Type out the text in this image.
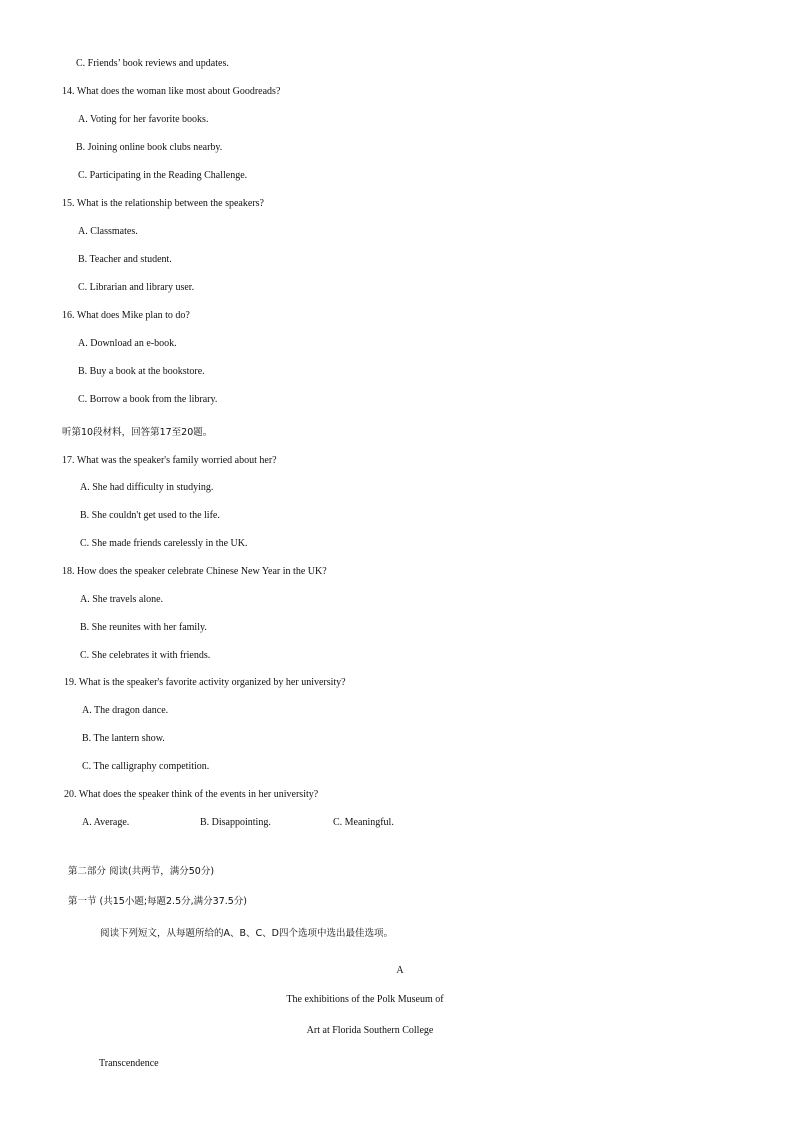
C. Friends’ book reviews and updates.
14. What does the woman like most about Goodreads?
A. Voting for her favorite books.
B. Joining online book clubs nearby.
C. Participating in the Reading Challenge.
15. What is the relationship between the speakers?
A. Classmates.
B. Teacher and student.
C. Librarian and library user.
16. What does Mike plan to do?
A. Download an e-book.
B. Buy a book at the bookstore.
C. Borrow a book from the library.
听第10段材料，回答第17至20题。
17. What was the speaker's family worried about her?
A. She had difficulty in studying.
B. She couldn't get used to the life.
C. She made friends carelessly in the UK.
18. How does the speaker celebrate Chinese New Year in the UK?
A. She travels alone.
B. She reunites with her family.
C. She celebrates it with friends.
19. What is the speaker's favorite activity organized by her university?
A. The dragon dance.
B. The lantern show.
C. The calligraphy competition.
20. What does the speaker think of the events in her university?
A. Average.	B. Disappointing.	C. Meaningful.
第二部分 阅读(共两节，满分50分)
第一节 (共15小题;每题2.5分,满分37.5分)
阅读下列短文，从每题所给的A、B、C、D四个选项中选出最佳选项。
A
The exhibitions of the Polk Museum of
Art at Florida Southern College
Transcendence
